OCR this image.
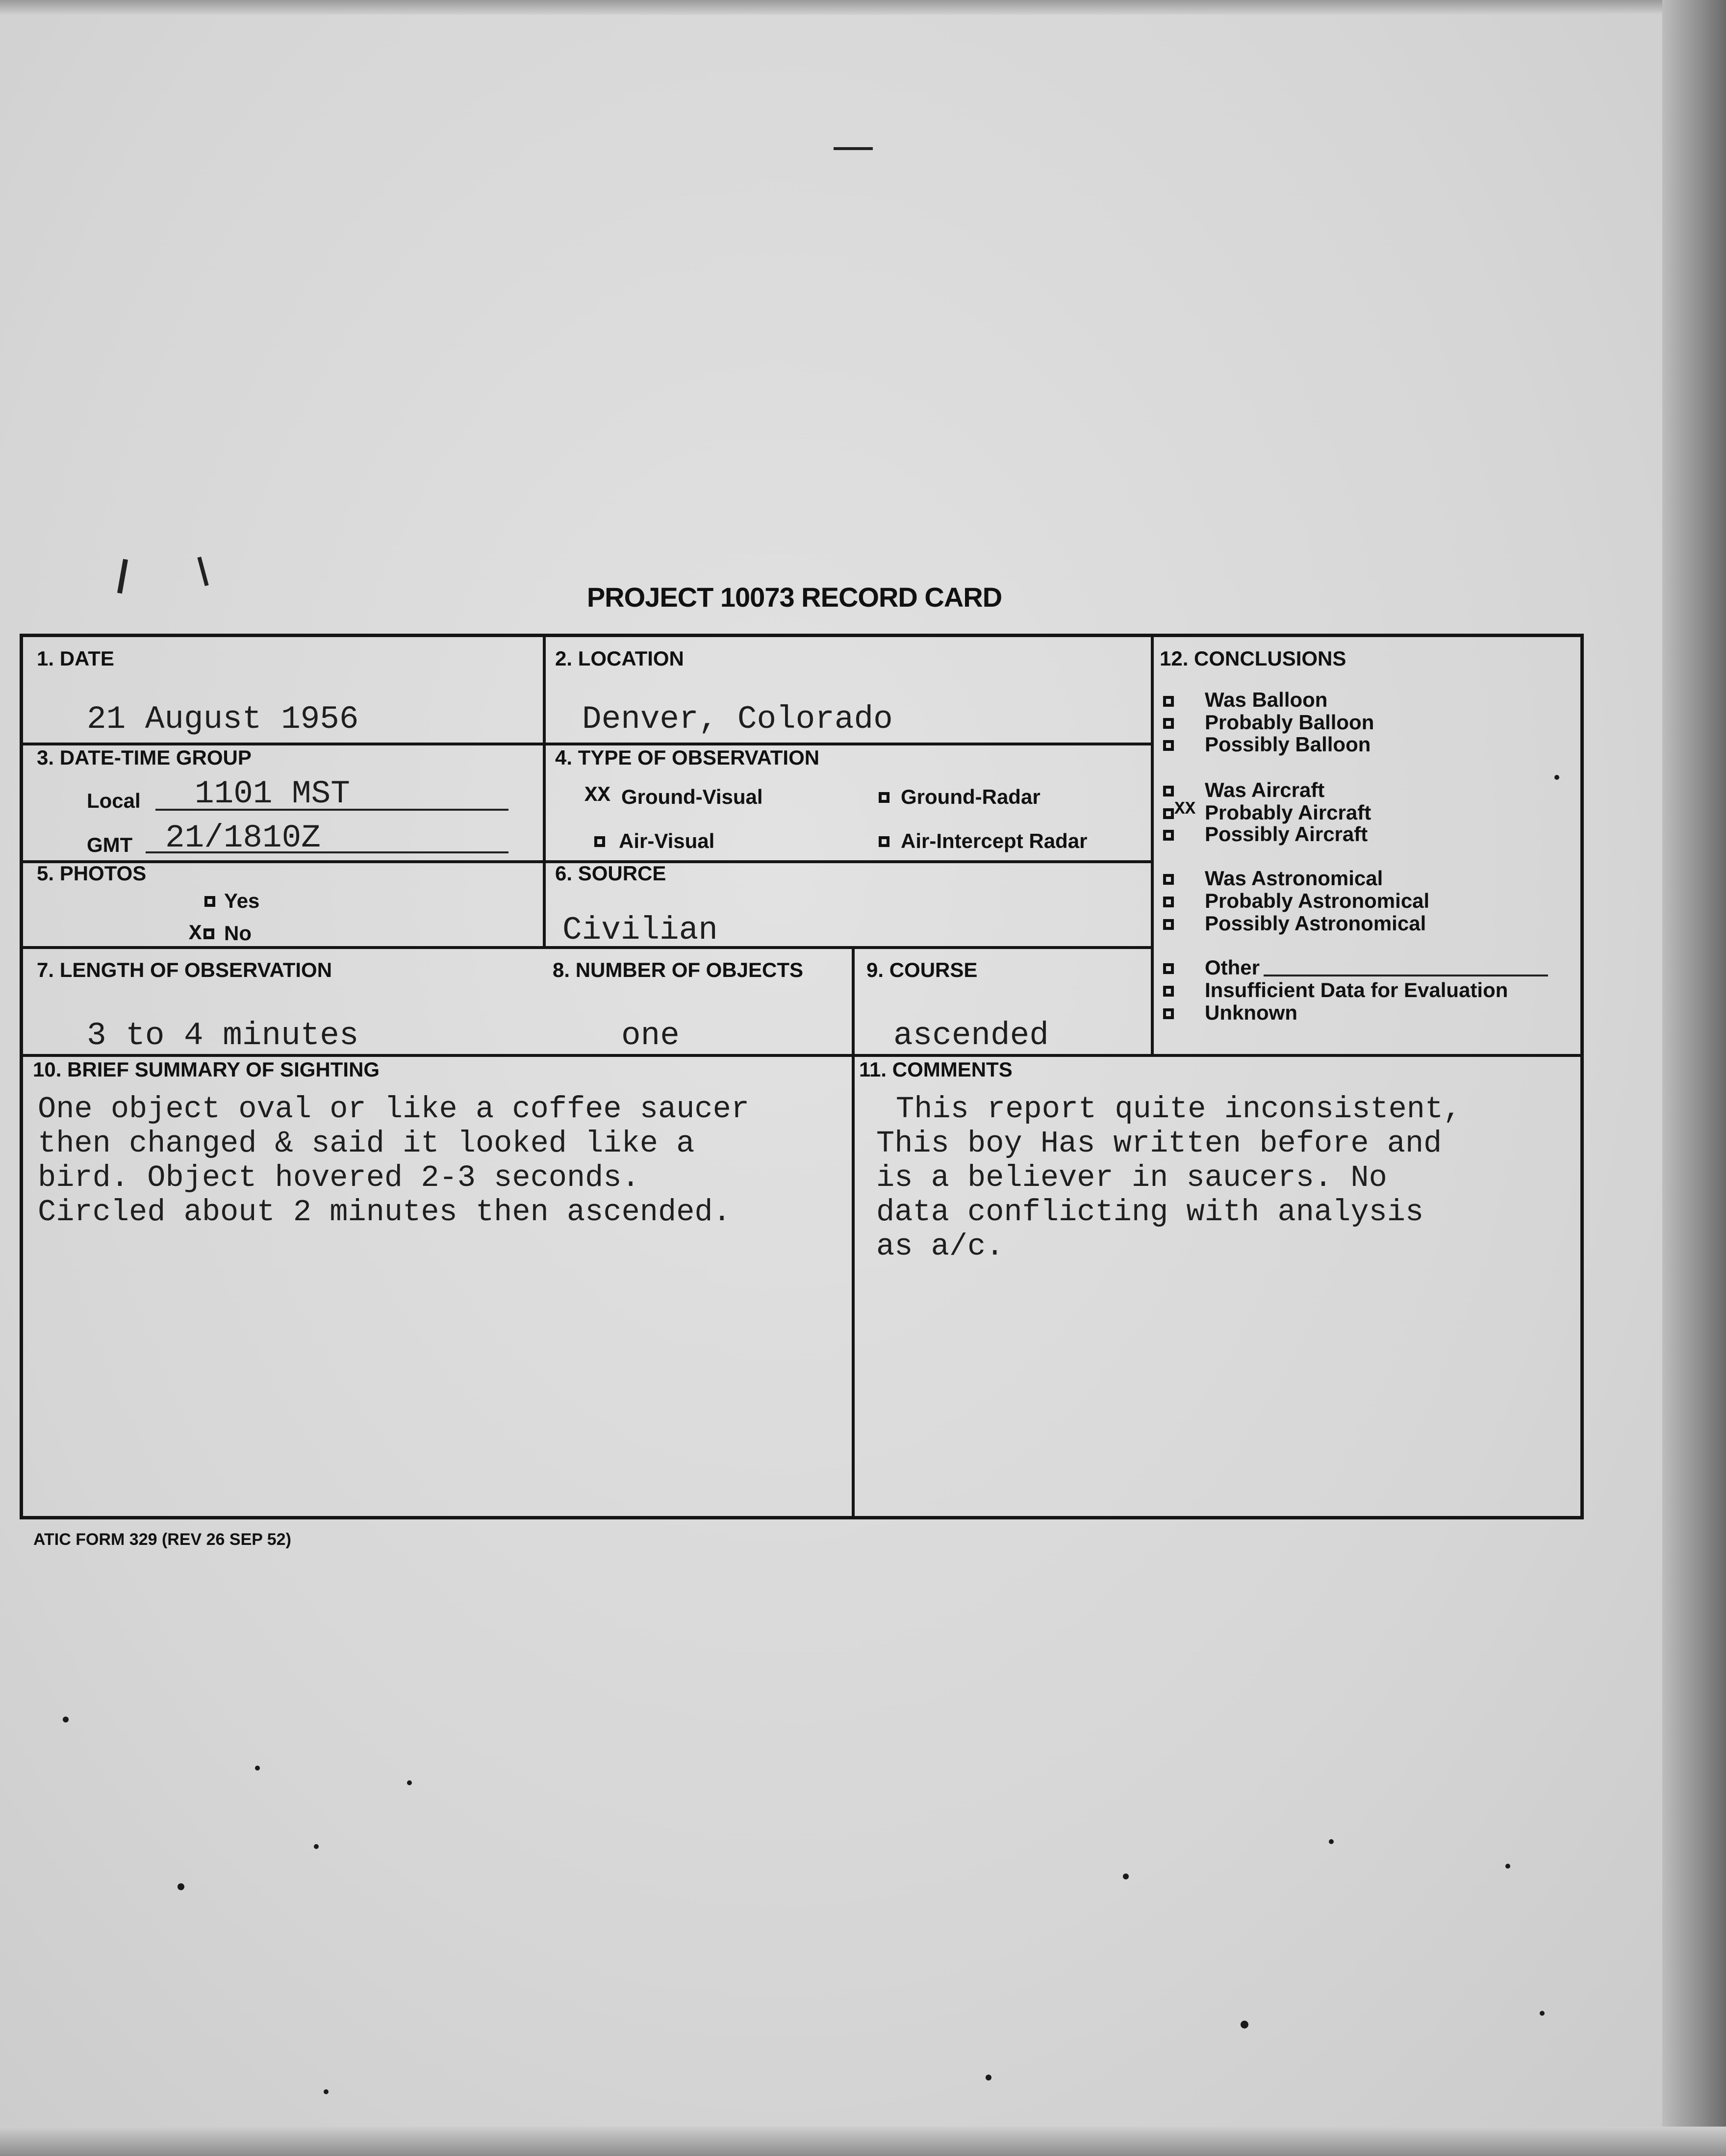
PROJECT 10073 RECORD CARD
1. DATE
21 August 1956
2. LOCATION
Denver, Colorado
3. DATE-TIME GROUP
Local 1101 MST
GMT 21/1810Z
4. TYPE OF OBSERVATION
XX Ground-Visual	Ground-Radar
Air-Visual	Air-Intercept Radar
5. PHOTOS
Yes
X No
6. SOURCE
Civilian
7. LENGTH OF OBSERVATION
3 to 4 minutes
8. NUMBER OF OBJECTS
one
9. COURSE
ascended
10. BRIEF SUMMARY OF SIGHTING
One object oval or like a coffee saucer
then changed & said it looked like a
bird. Object hovered 2-3 seconds.
Circled about 2 minutes then ascended.
11. COMMENTS
This report quite inconsistent,
This boy Has written before and
is a believer in saucers. No
data conflicting with analysis
as a/c.
12. CONCLUSIONS
Was Balloon
Probably Balloon
Possibly Balloon
Was Aircraft
XX Probably Aircraft
Possibly Aircraft
Was Astronomical
Probably Astronomical
Possibly Astronomical
Other
Insufficient Data for Evaluation
Unknown
ATIC FORM 329 (REV 26 SEP 52)
